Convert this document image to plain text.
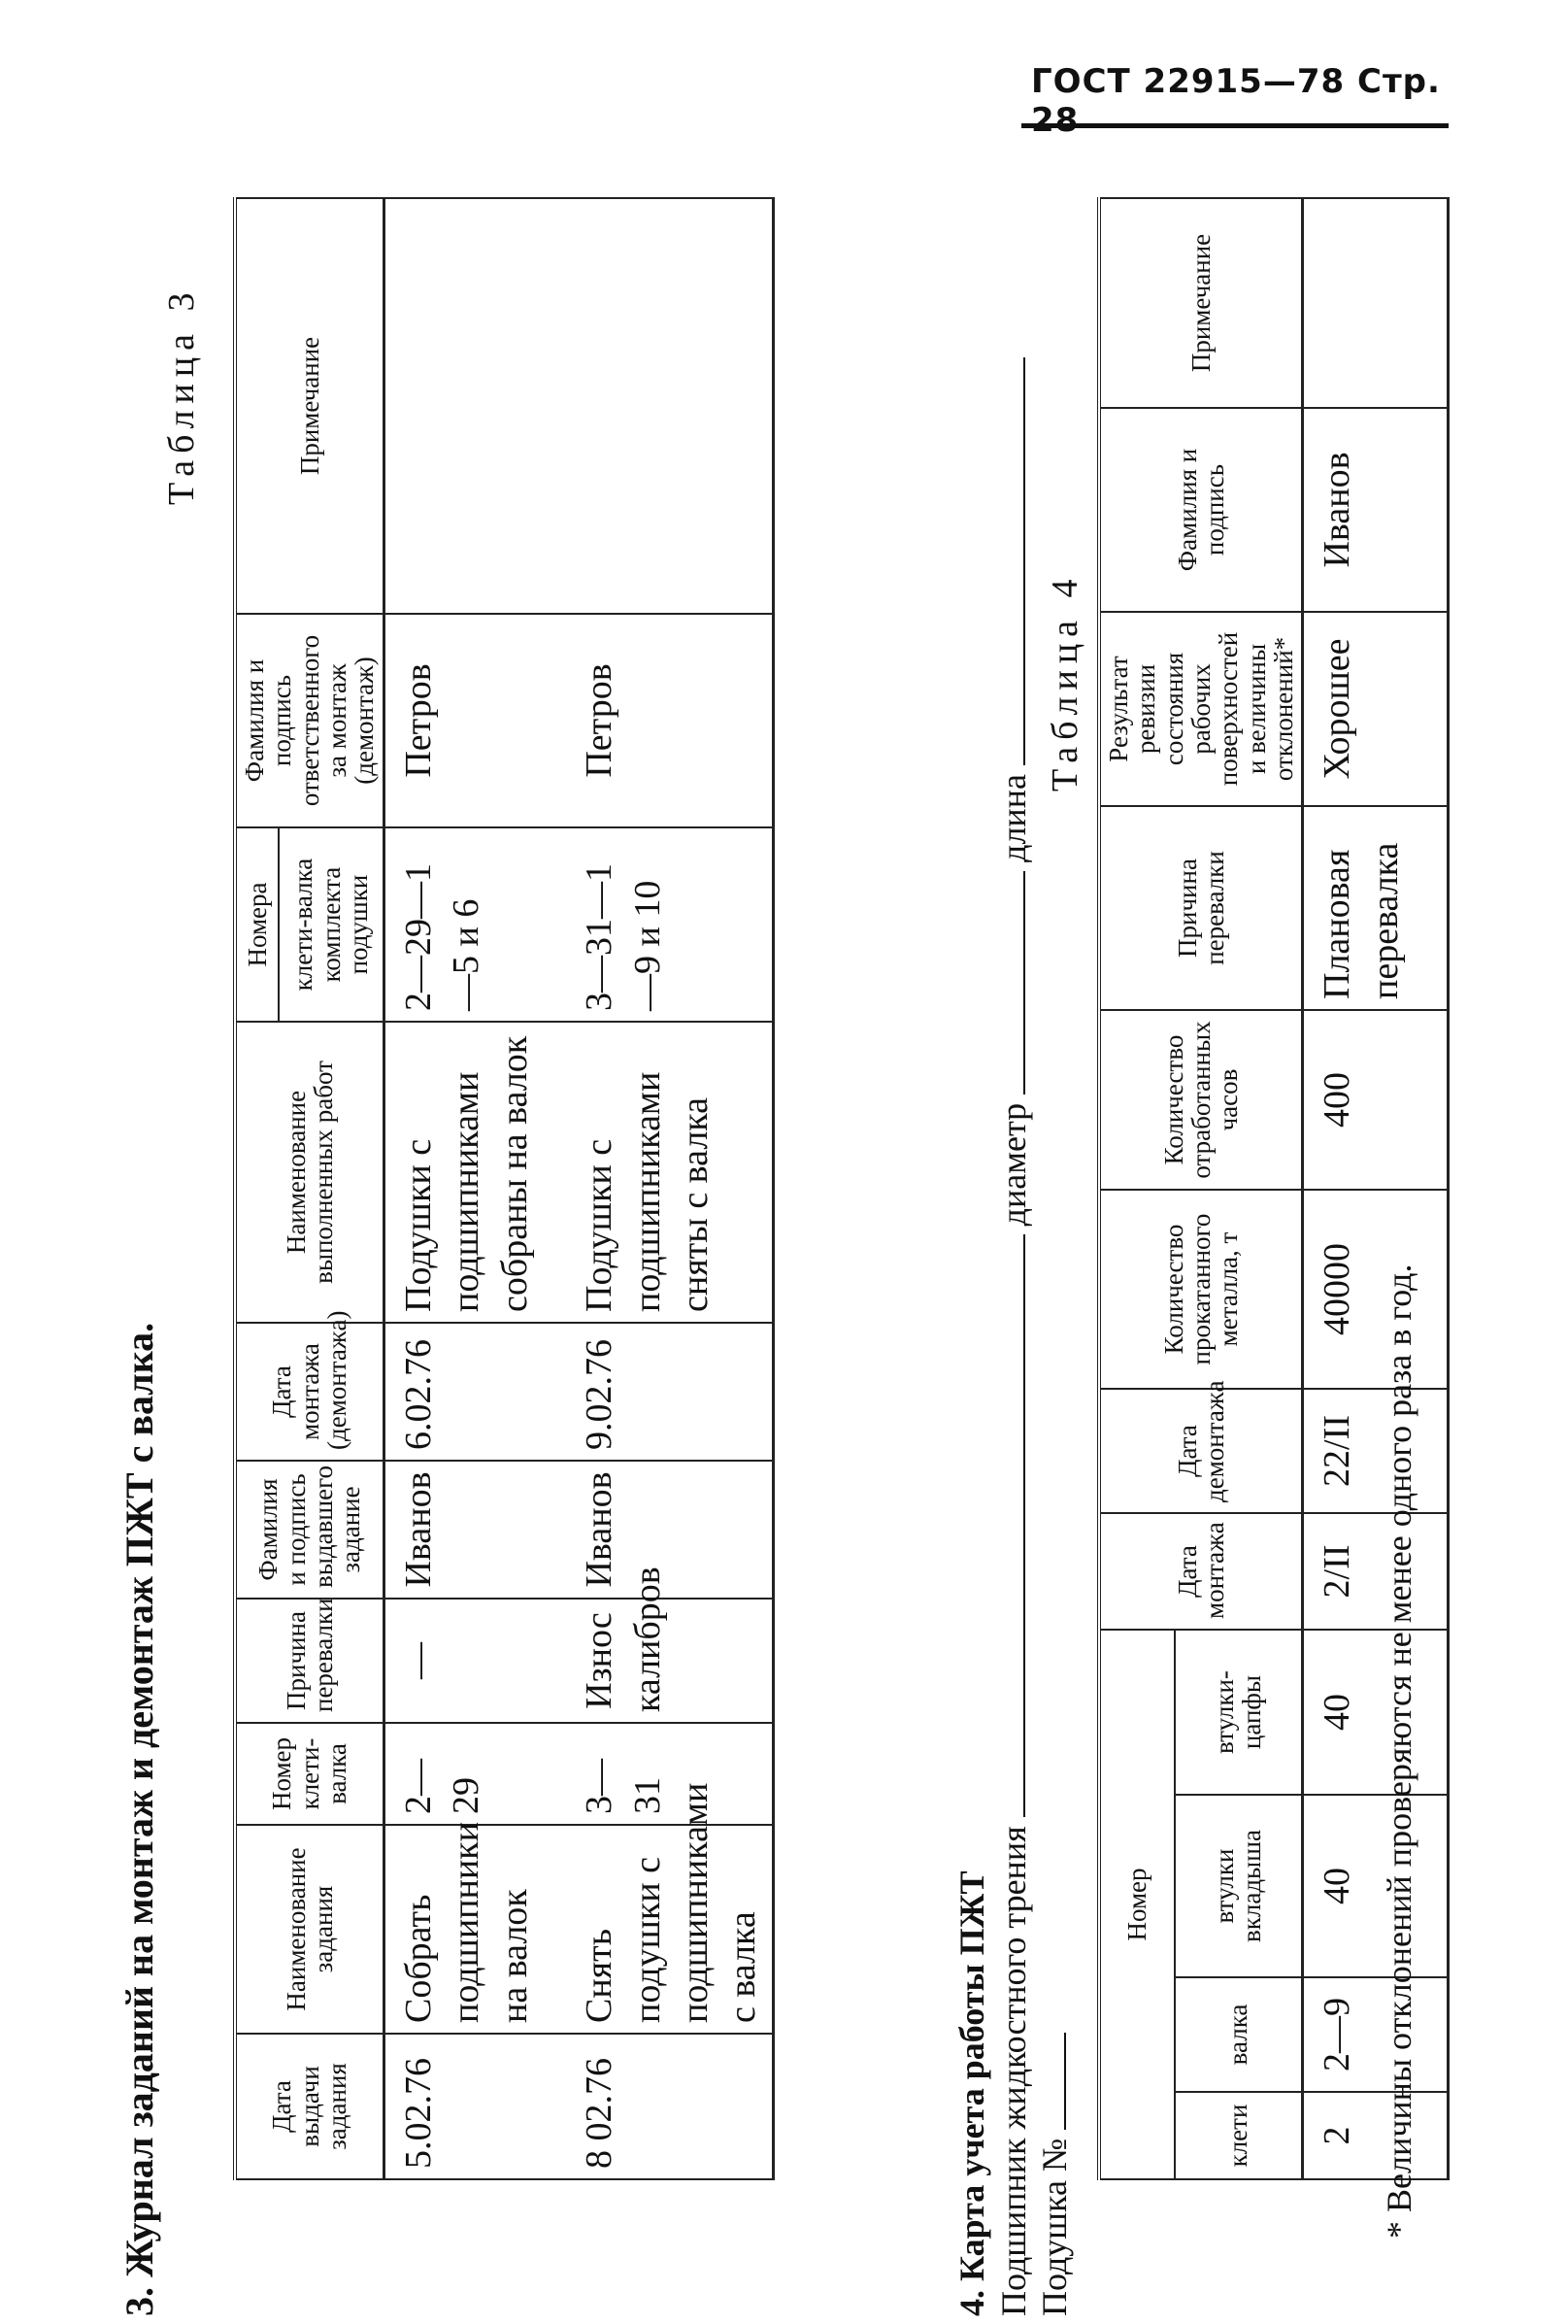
ГОСТ 22915—78 Стр. 28
3. Журнал заданий на монтаж и демонтаж ПЖТ с валка.
Таблица 3
Дата выдачи задания	Наименование задания	Номер клети-валка	Причина перевалки	Фамилия и подпись выдавшего задание	Дата монтажа (демонтажа)	Наименование выполненных работ	Номера	Фамилия и подпись ответственного за монтаж (демонтаж)	Примечание
							клети-валка комплекта подушки		
5.02.76	Собрать подшипники на валок	2—29	—	Иванов	6.02.76	Подушки с подшипниками собраны на валок	2—29—1 —5 и 6	Петров	
8 02.76	Снять подушки с подшипниками с валка	3—31	Износ калибров	Иванов	9.02.76	Подушки с подшипниками сняты с валка	3—31—1 —9 и 10	Петров	
4. Карта учета работы ПЖТ Подшипник жидкостного трения  диаметр  длина
Подушка №
Таблица 4
Номер				Дата монтажа	Дата демонтажа	Количество прокатанного металла, т	Количество отработанных часов	Причина перевалки	Результат ревизии состояния рабочих поверхностей и величины отклонений*	Фамилия и подпись	Примечание
клети	валка	втулки вкладыша	втулки-цапфы								
2	2—9	40	40	2/II	22/II	40000	400	Плановая перевалка	Хорошее	Иванов	
* Величины отклонений проверяются не менее одного раза в год.
